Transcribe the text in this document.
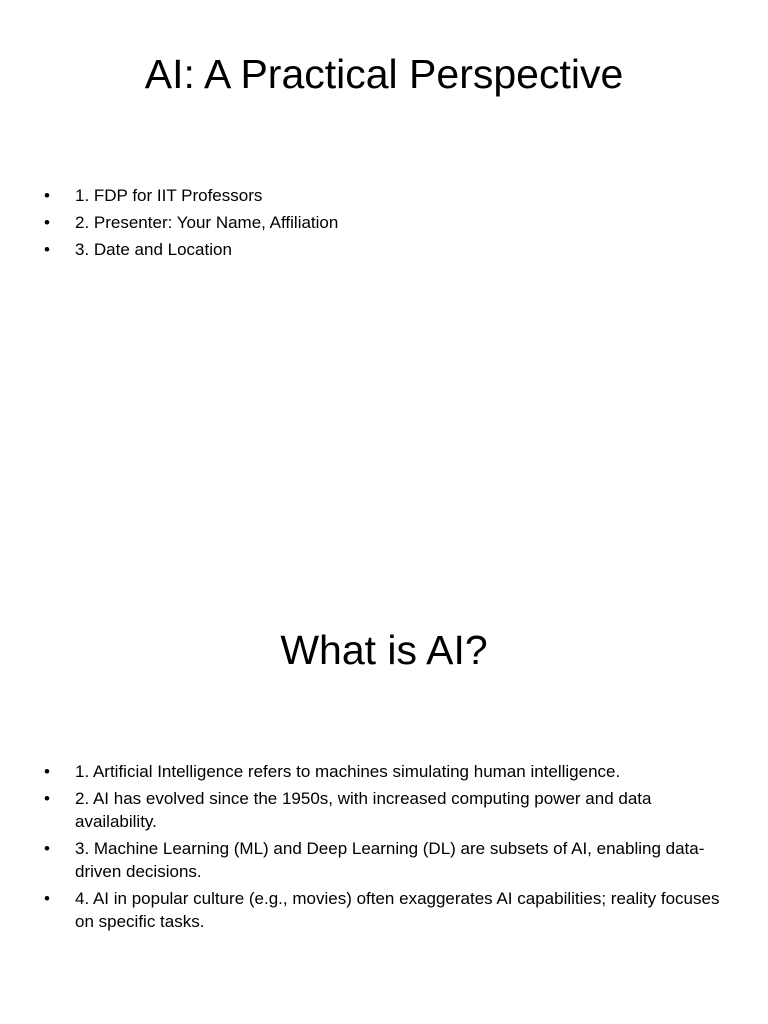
AI: A Practical Perspective
•	1. FDP for IIT Professors
•	2. Presenter: Your Name, Affiliation
•	3. Date and Location
What is AI?
•	1. Artificial Intelligence refers to machines simulating human intelligence.
•	2. AI has evolved since the 1950s, with increased computing power and data availability.
•	3. Machine Learning (ML) and Deep Learning (DL) are subsets of AI, enabling data-driven decisions.
•	4. AI in popular culture (e.g., movies) often exaggerates AI capabilities; reality focuses on specific tasks.
